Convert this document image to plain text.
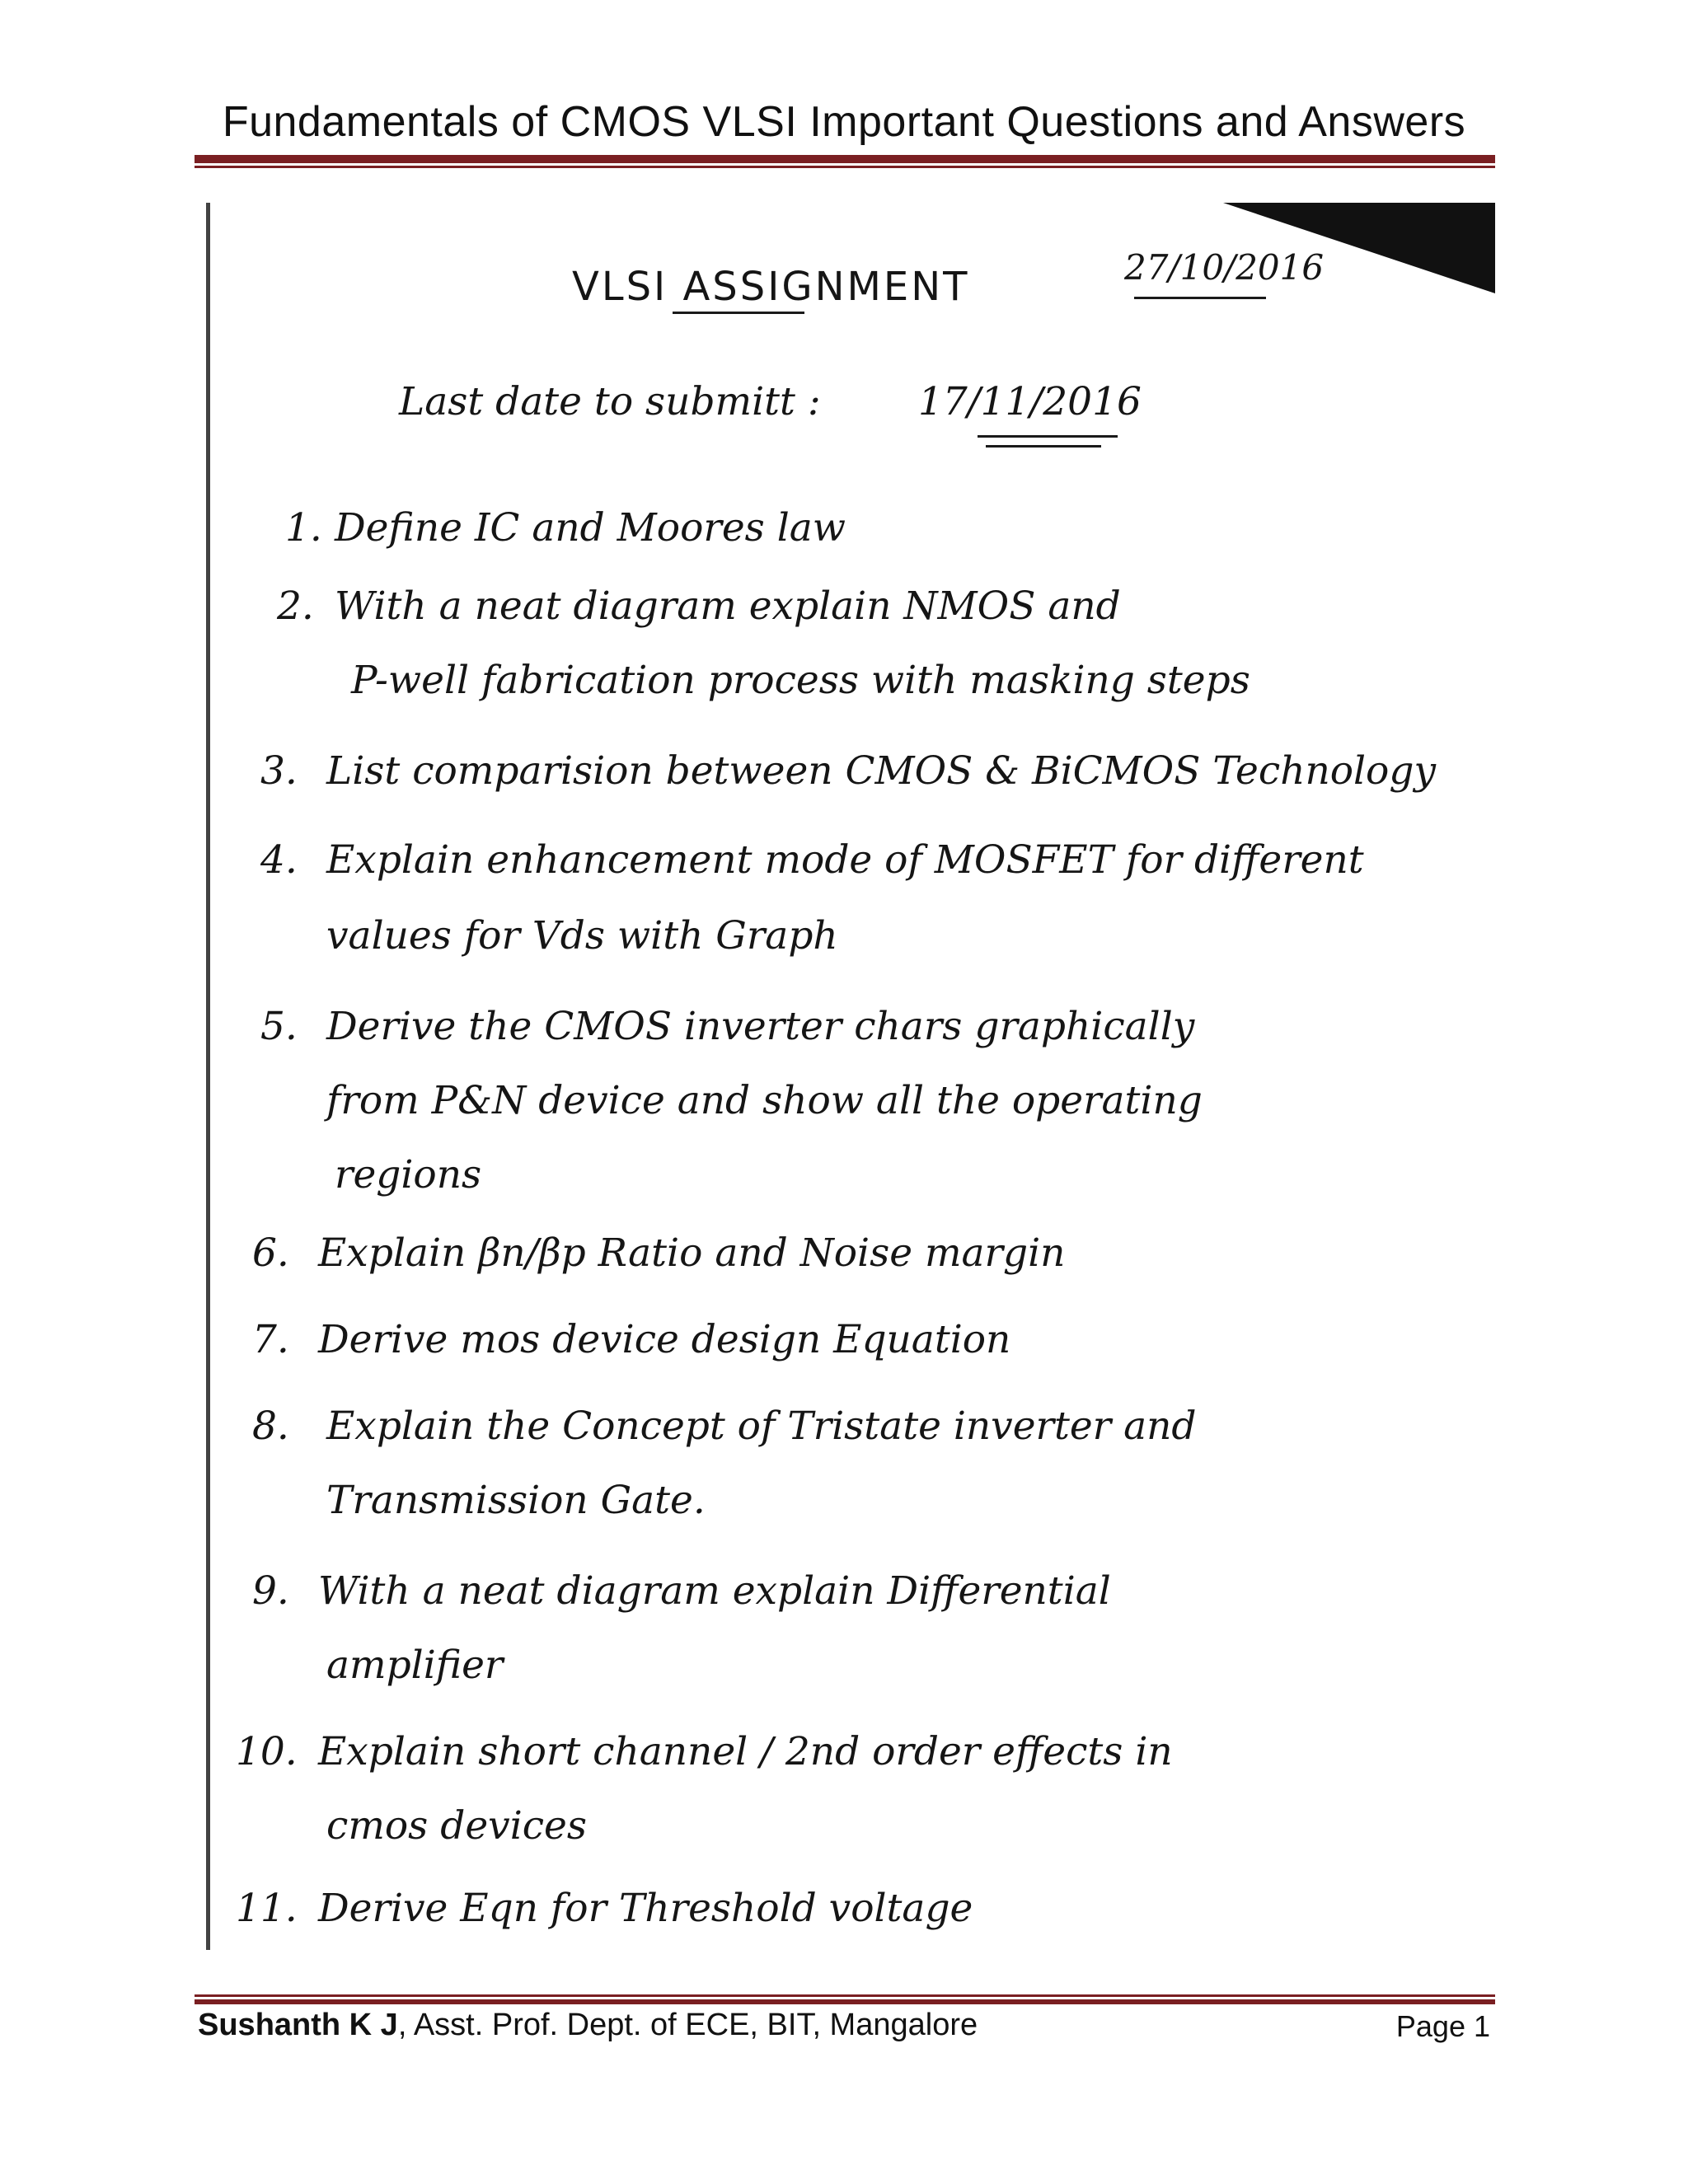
Fundamentals of CMOS VLSI Important Questions and Answers
VLSI ASSIGNMENT	27/10/2016
Last date to submitt :	17/11/2016
1. Define IC and Moores law
2. With a neat diagram explain NMOS and
P-well fabrication process with masking steps
3. List comparision between CMOS & BiCMOS Technology
4. Explain enhancement mode of MOSFET for different
values for Vds with Graph
5. Derive the CMOS inverter chars graphically
from P&N device and show all the operating
regions
6. Explain βn/βp Ratio and Noise margin
7. Derive mos device design Equation
8. Explain the Concept of Tristate inverter and
Transmission Gate.
9. With a neat diagram explain Differential
amplifier
10. Explain short channel / 2nd order effects in
cmos devices
11. Derive Eqn for Threshold voltage
Sushanth K J, Asst. Prof. Dept. of ECE, BIT, Mangalore	Page 1
